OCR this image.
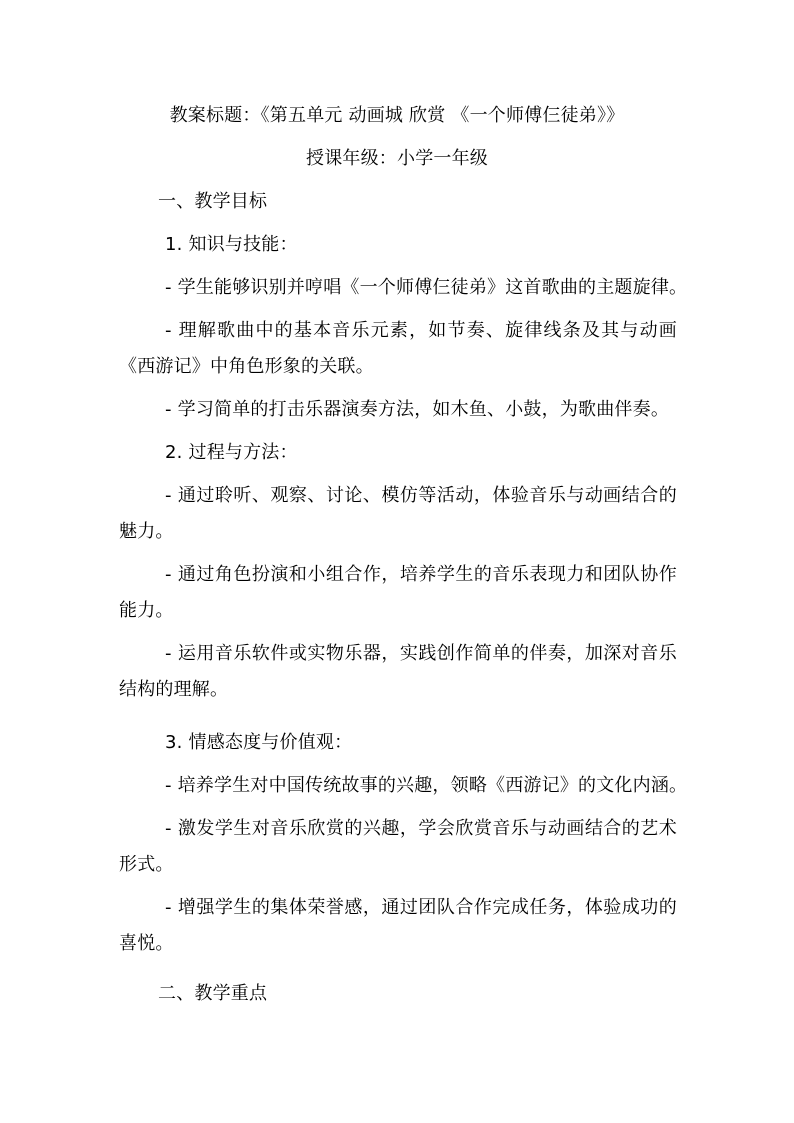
教案标题：《第五单元 动画城 欣赏 《一个师傅仨徒弟》》
授课年级：小学一年级
一、教学目标
1. 知识与技能：
- 学生能够识别并哼唱《一个师傅仨徒弟》这首歌曲的主题旋律。
- 理解歌曲中的基本音乐元素，如节奏、旋律线条及其与动画
《西游记》中角色形象的关联。
- 学习简单的打击乐器演奏方法，如木鱼、小鼓，为歌曲伴奏。
2. 过程与方法：
- 通过聆听、观察、讨论、模仿等活动，体验音乐与动画结合的
魅力。
- 通过角色扮演和小组合作，培养学生的音乐表现力和团队协作
能力。
- 运用音乐软件或实物乐器，实践创作简单的伴奏，加深对音乐
结构的理解。
3. 情感态度与价值观：
- 培养学生对中国传统故事的兴趣，领略《西游记》的文化内涵。
- 激发学生对音乐欣赏的兴趣，学会欣赏音乐与动画结合的艺术
形式。
- 增强学生的集体荣誉感，通过团队合作完成任务，体验成功的
喜悦。
二、教学重点
